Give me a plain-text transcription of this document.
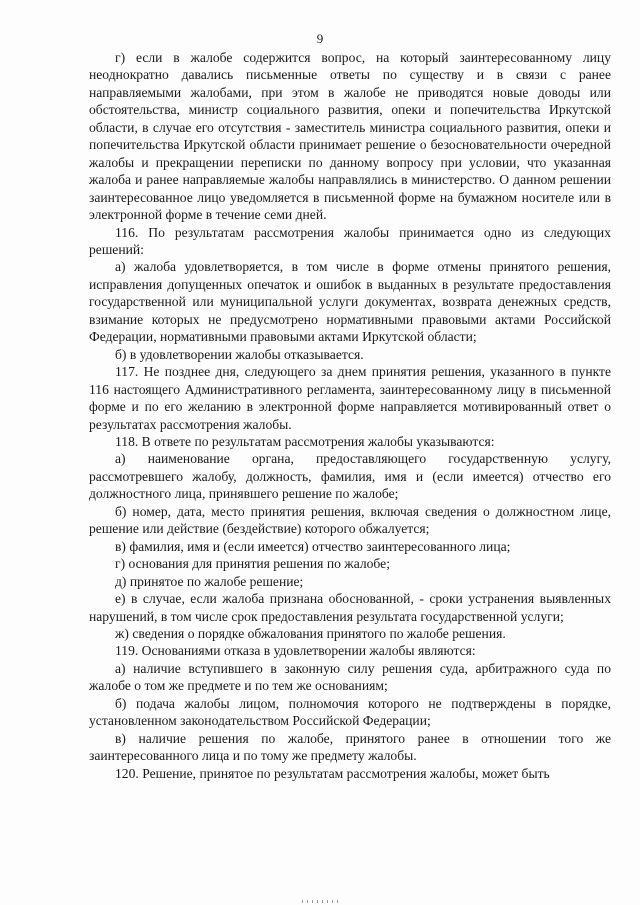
9

г) если в жалобе содержится вопрос, на который заинтересованному лицу неоднократно давались письменные ответы по существу и в связи с ранее направляемыми жалобами, при этом в жалобе не приводятся новые доводы или обстоятельства, министр социального развития, опеки и попечительства Иркутской области, в случае его отсутствия - заместитель министра социального развития, опеки и попечительства Иркутской области принимает решение о безосновательности очередной жалобы и прекращении переписки по данному вопросу при условии, что указанная жалоба и ранее направляемые жалобы направлялись в министерство. О данном решении заинтересованное лицо уведомляется в письменной форме на бумажном носителе или в электронной форме в течение семи дней.

116. По результатам рассмотрения жалобы принимается одно из следующих решений:

а) жалоба удовлетворяется, в том числе в форме отмены принятого решения, исправления допущенных опечаток и ошибок в выданных в результате предоставления государственной или муниципальной услуги документах, возврата денежных средств, взимание которых не предусмотрено нормативными правовыми актами Российской Федерации, нормативными правовыми актами Иркутской области;

б) в удовлетворении жалобы отказывается.

117. Не позднее дня, следующего за днем принятия решения, указанного в пункте 116 настоящего Административного регламента, заинтересованному лицу в письменной форме и по его желанию в электронной форме направляется мотивированный ответ о результатах рассмотрения жалобы.

118. В ответе по результатам рассмотрения жалобы указываются:

а) наименование органа, предоставляющего государственную услугу, рассмотревшего жалобу, должность, фамилия, имя и (если имеется) отчество его должностного лица, принявшего решение по жалобе;

б) номер, дата, место принятия решения, включая сведения о должностном лице, решение или действие (бездействие) которого обжалуется;

в) фамилия, имя и (если имеется) отчество заинтересованного лица;

г) основания для принятия решения по жалобе;

д) принятое по жалобе решение;

е) в случае, если жалоба признана обоснованной, - сроки устранения выявленных нарушений, в том числе срок предоставления результата государственной услуги;

ж) сведения о порядке обжалования принятого по жалобе решения.

119. Основаниями отказа в удовлетворении жалобы являются:

а) наличие вступившего в законную силу решения суда, арбитражного суда по жалобе о том же предмете и по тем же основаниям;

б) подача жалобы лицом, полномочия которого не подтверждены в порядке, установленном законодательством Российской Федерации;

в) наличие решения по жалобе, принятого ранее в отношении того же заинтересованного лица и по тому же предмету жалобы.

120. Решение, принятое по результатам рассмотрения жалобы, может быть
